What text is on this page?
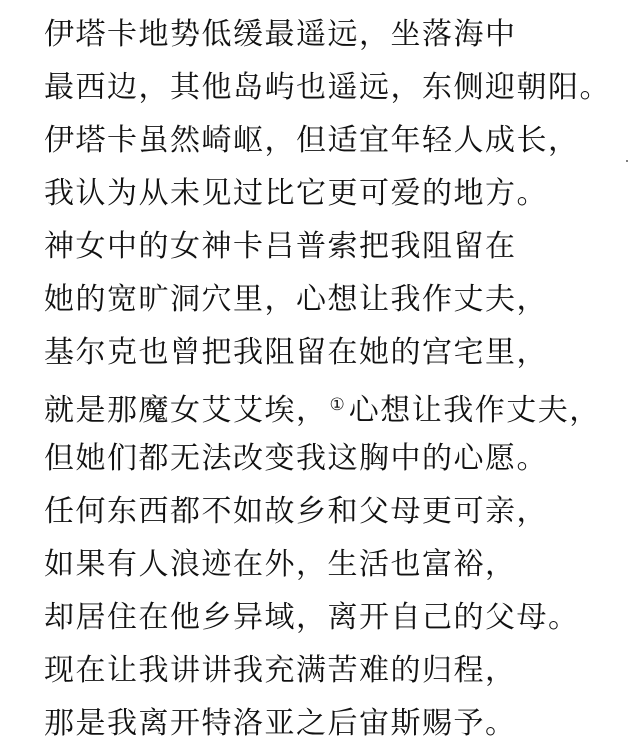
伊塔卡地势低缓最遥远，坐落海中
最西边，其他岛屿也遥远，东侧迎朝阳。
伊塔卡虽然崎岖，但适宜年轻人成长，
我认为从未见过比它更可爱的地方。
神女中的女神卡吕普索把我阻留在
她的宽旷洞穴里，心想让我作丈夫，
基尔克也曾把我阻留在她的宫宅里，
就是那魔女艾艾埃， ① 心想让我作丈夫，
但她们都无法改变我这胸中的心愿。
任何东西都不如故乡和父母更可亲，
如果有人浪迹在外，生活也富裕，
却居住在他乡异域，离开自己的父母。
现在让我讲讲我充满苦难的归程，
那是我离开特洛亚之后宙斯赐予。
